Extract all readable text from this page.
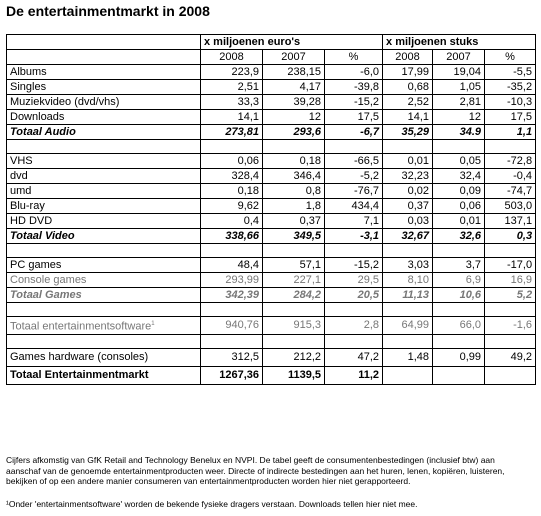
De entertainmentmarkt in 2008
	x miljoenen euro's			x miljoenen stuks		
	2008	2007	%	2008	2007	%
Albums	223,9	238,15	-6,0	17,99	19,04	-5,5
Singles	2,51	4,17	-39,8	0,68	1,05	-35,2
Muziekvideo (dvd/vhs)	33,3	39,28	-15,2	2,52	2,81	-10,3
Downloads	14,1	12	17,5	14,1	12	17,5
Totaal Audio	273,81	293,6	-6,7	35,29	34.9	1,1

VHS	0,06	0,18	-66,5	0,01	0,05	-72,8
dvd	328,4	346,4	-5,2	32,23	32,4	-0,4
umd	0,18	0,8	-76,7	0,02	0,09	-74,7
Blu-ray	9,62	1,8	434,4	0,37	0,06	503,0
HD DVD	0,4	0,37	7,1	0,03	0,01	137,1
Totaal Video	338,66	349,5	-3,1	32,67	32,6	0,3

PC games	48,4	57,1	-15,2	3,03	3,7	-17,0
Console games	293,99	227,1	29,5	8,10	6,9	16,9
Totaal Games	342,39	284,2	20,5	11,13	10,6	5,2

Totaal entertainmentsoftware$^1$	940,76	915,3	2,8	64,99	66,0	-1,6

Games hardware (consoles)	312,5	212,2	47,2	1,48	0,99	49,2
Totaal Entertainmentmarkt	1267,36	1139,5	11,2			

Cijfers afkomstig van GfK Retail and Technology Benelux en NVPI. De tabel geeft de consumentenbestedingen (inclusief btw) aan aanschaf van de genoemde entertainmentproducten weer. Directe of indirecte bestedingen aan het huren, lenen, kopiëren, luisteren, bekijken of op een andere manier consumeren van entertainmentproducten worden hier niet gerapporteerd.

¹Onder 'entertainmentsoftware' worden de bekende fysieke dragers verstaan. Downloads tellen hier niet mee.
